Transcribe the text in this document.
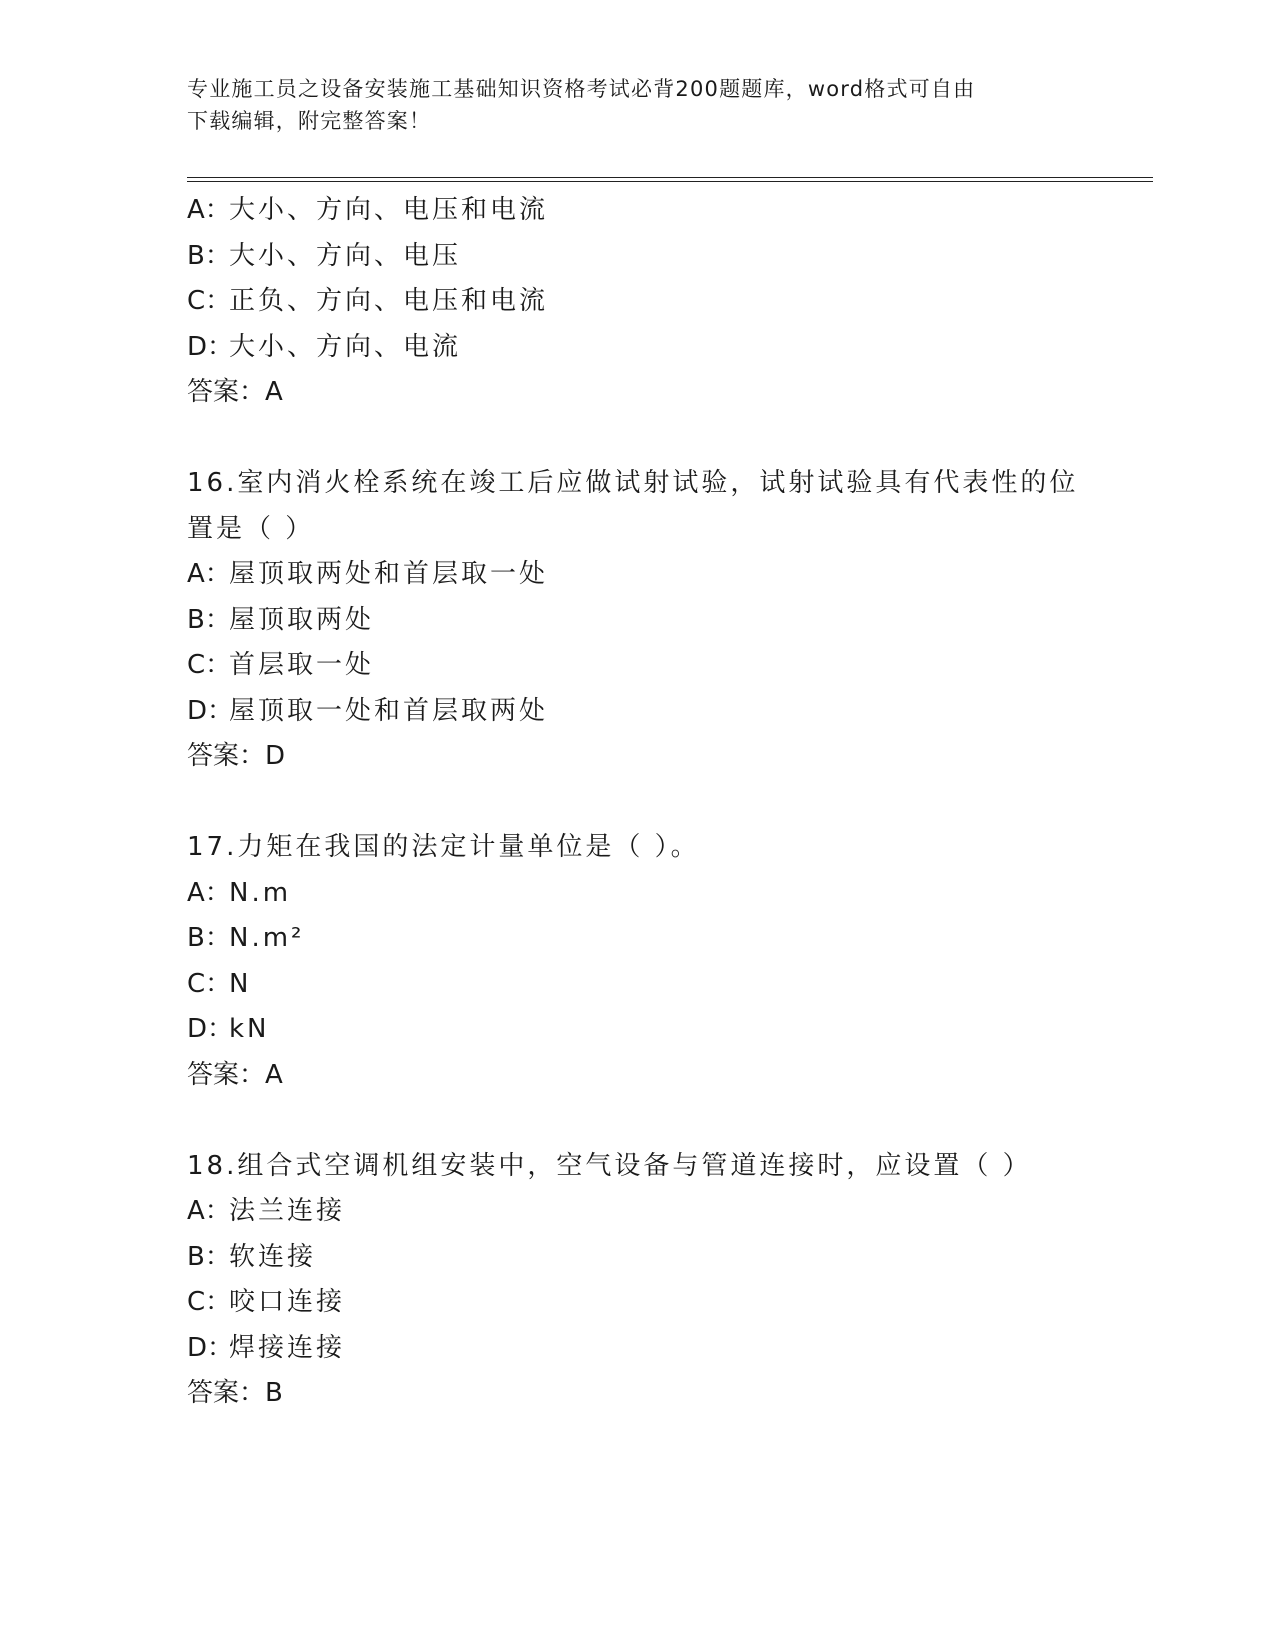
专业施工员之设备安装施工基础知识资格考试必背200题题库，word格式可自由
下载编辑，附完整答案！
A：大小、方向、电压和电流
B：大小、方向、电压
C：正负、方向、电压和电流
D：大小、方向、电流
答案：A
16.室内消火栓系统在竣工后应做试射试验，试射试验具有代表性的位
置是（ ）
A：屋顶取两处和首层取一处
B：屋顶取两处
C：首层取一处
D：屋顶取一处和首层取两处
答案：D
17.力矩在我国的法定计量单位是（ ）。
A：N.m
B：N.m²
C：N
D：kN
答案：A
18.组合式空调机组安装中，空气设备与管道连接时，应设置（ ）
A：法兰连接
B：软连接
C：咬口连接
D：焊接连接
答案：B
